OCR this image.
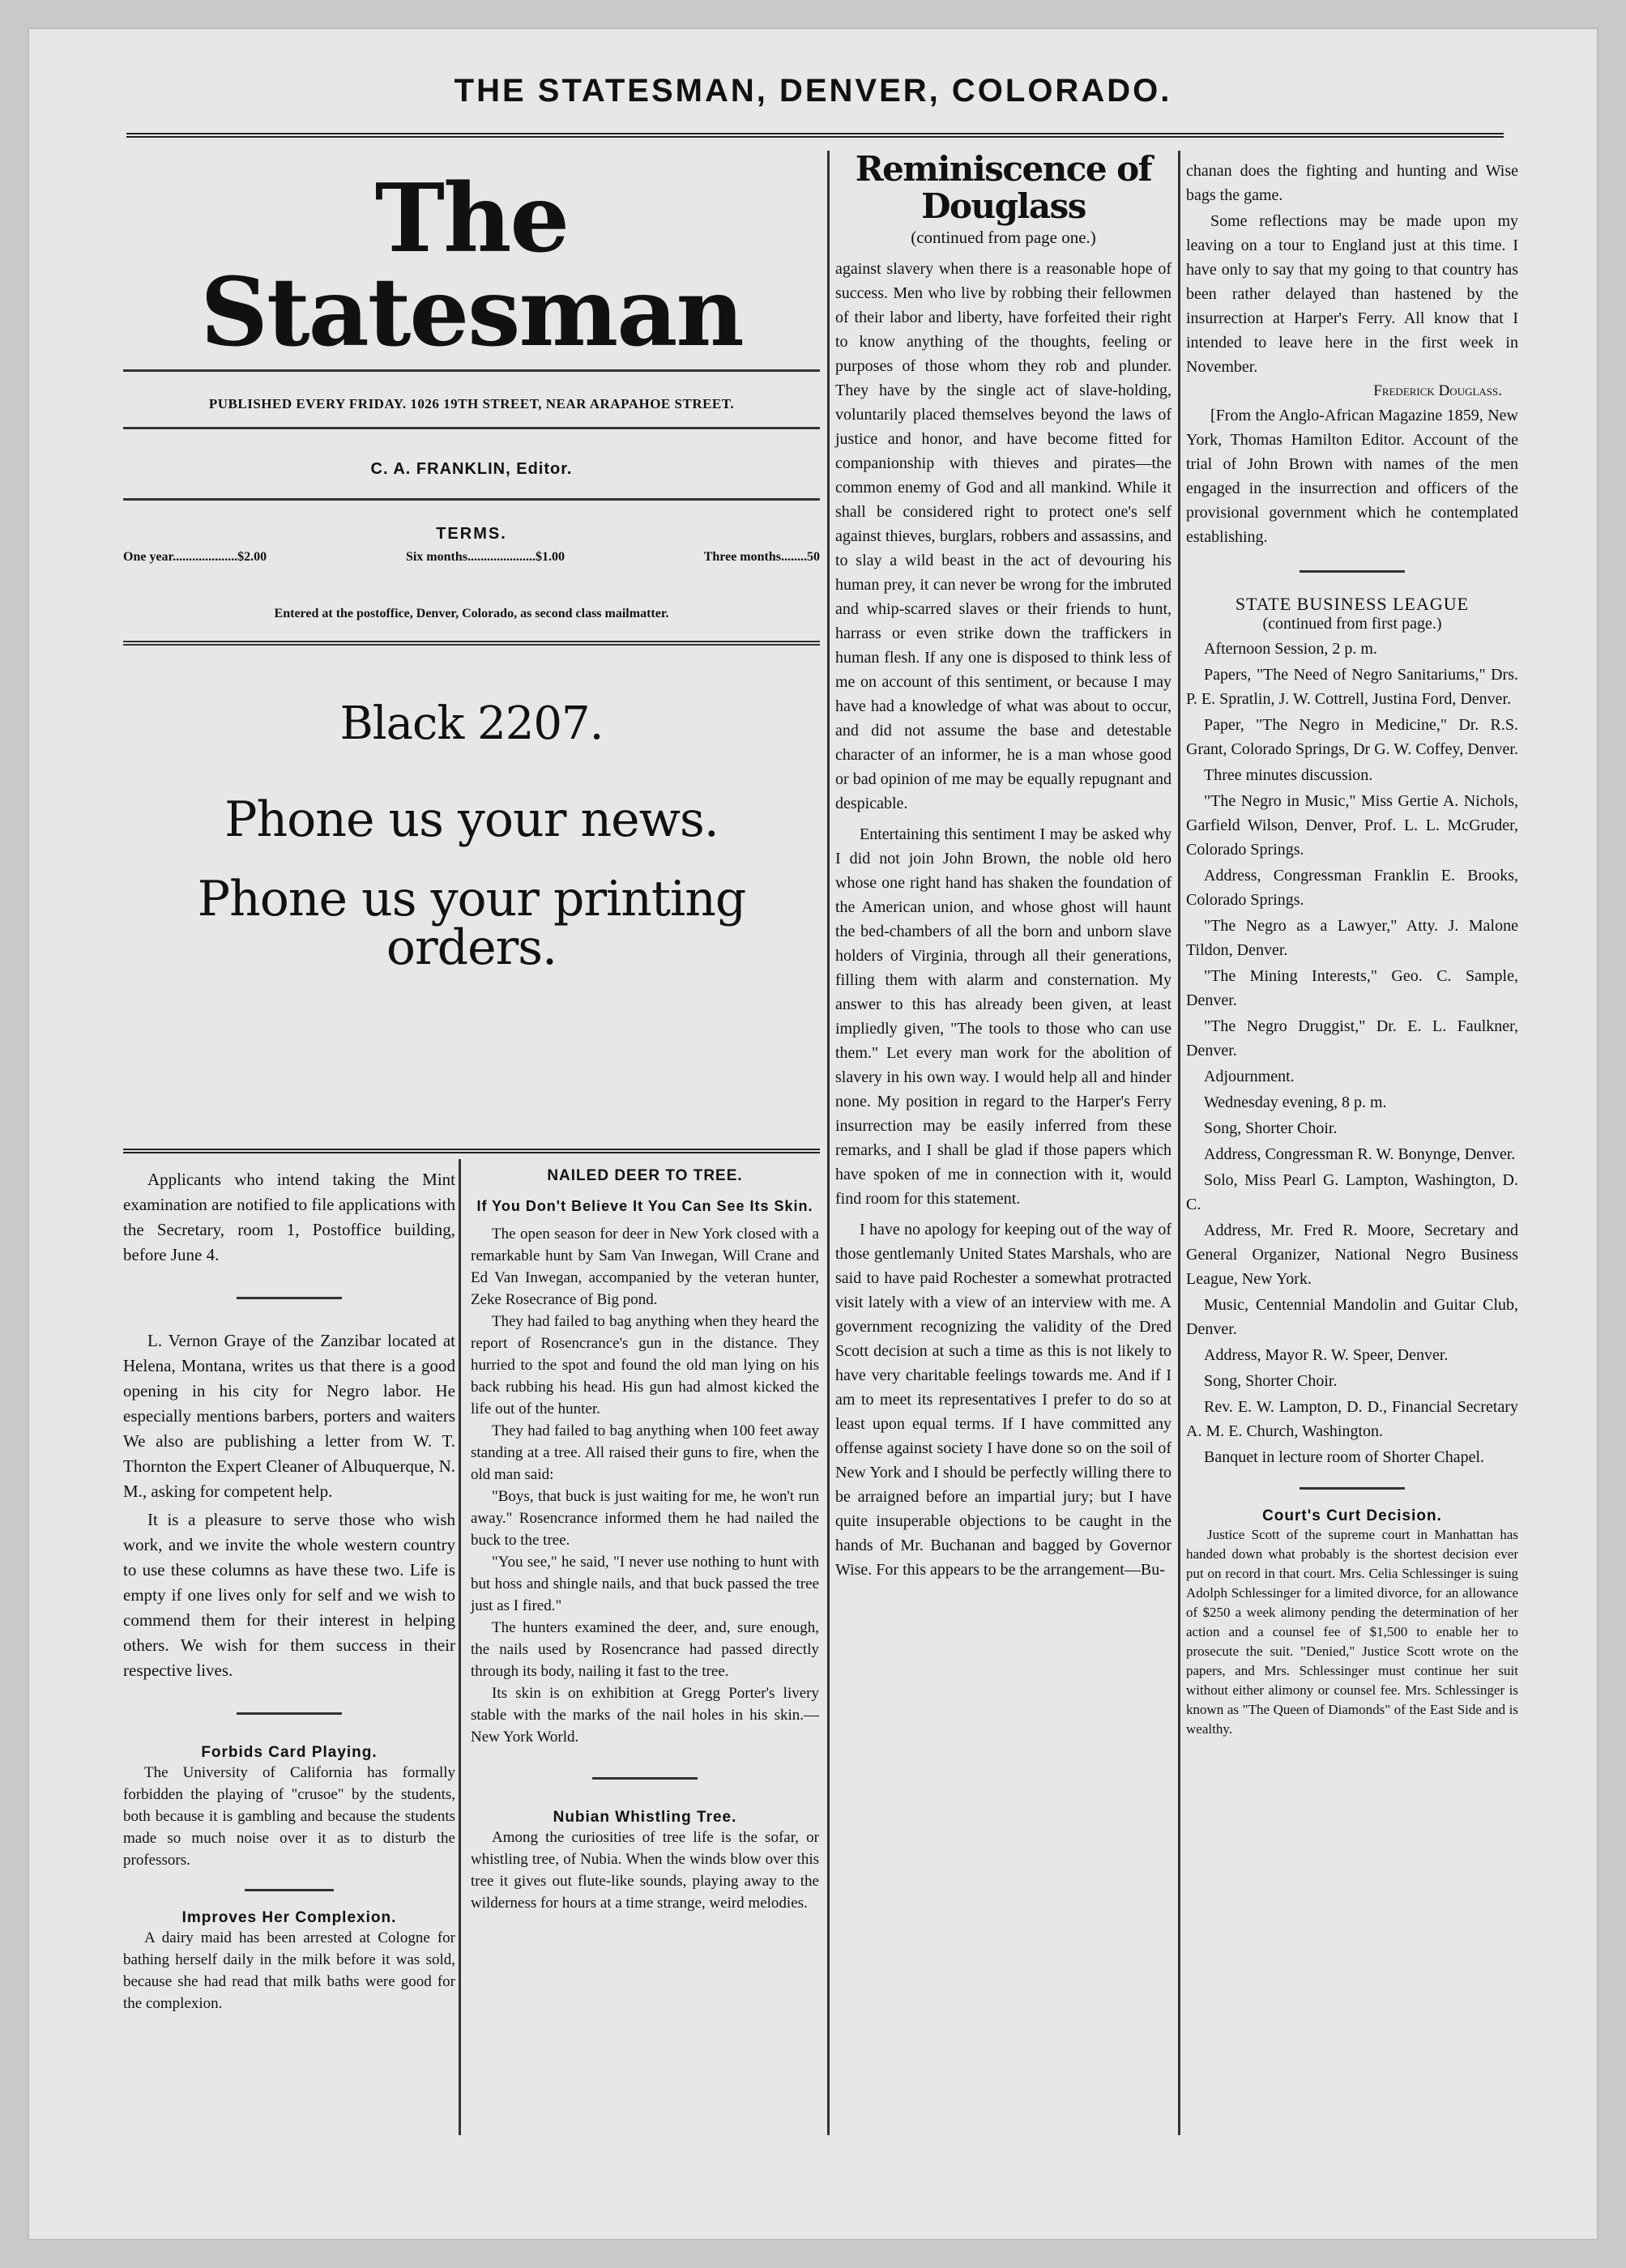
THE STATESMAN, DENVER, COLORADO.
The Statesman
PUBLISHED EVERY FRIDAY. 1026 19TH STREET, NEAR ARAPAHOE STREET.
C. A. FRANKLIN, Editor.
TERMS.
One year....................$2.00	Six months.....................$1.00	Three months........50
Entered at the postoffice, Denver, Colorado, as second class mailmatter.
Black 2207.
Phone us your news.
Phone us your printing orders.

Applicants who intend taking the Mint examination are notified to file applications with the Secretary, room 1, Postoffice building, before June 4.

L. Vernon Graye of the Zanzibar located at Helena, Montana, writes us that there is a good opening in his city for Negro labor. He especially mentions barbers, porters and waiters We also are publishing a letter from W. T. Thornton the Expert Cleaner of Albuquerque, N. M., asking for competent help.

It is a pleasure to serve those who wish work, and we invite the whole western country to use these columns as have these two. Life is empty if one lives only for self and we wish to commend them for their interest in helping others. We wish for them success in their respective lives.

Forbids Card Playing.

The University of California has formally forbidden the playing of "crusoe" by the students, both because it is gambling and because the students made so much noise over it as to disturb the professors.

Improves Her Complexion.

A dairy maid has been arrested at Cologne for bathing herself daily in the milk before it was sold, because she had read that milk baths were good for the complexion.

NAILED DEER TO TREE.
If You Don't Believe It You Can See Its Skin.

The open season for deer in New York closed with a remarkable hunt by Sam Van Inwegan, Will Crane and Ed Van Inwegan, accompanied by the veteran hunter, Zeke Rosecrance of Big pond.

They had failed to bag anything when they heard the report of Rosencrance's gun in the distance. They hurried to the spot and found the old man lying on his back rubbing his head. His gun had almost kicked the life out of the hunter.

They had failed to bag anything when 100 feet away standing at a tree. All raised their guns to fire, when the old man said:

"Boys, that buck is just waiting for me, he won't run away." Rosencrance informed them he had nailed the buck to the tree.

"You see," he said, "I never use nothing to hunt with but hoss and shingle nails, and that buck passed the tree just as I fired."

The hunters examined the deer, and, sure enough, the nails used by Rosencrance had passed directly through its body, nailing it fast to the tree.

Its skin is on exhibition at Gregg Porter's livery stable with the marks of the nail holes in his skin.—New York World.

Nubian Whistling Tree.

Among the curiosities of tree life is the sofar, or whistling tree, of Nubia. When the winds blow over this tree it gives out flute-like sounds, playing away to the wilderness for hours at a time strange, weird melodies.

Reminiscence of Douglass
(continued from page one.)

against slavery when there is a reasonable hope of success. Men who live by robbing their fellowmen of their labor and liberty, have forfeited their right to know anything of the thoughts, feeling or purposes of those whom they rob and plunder. They have by the single act of slave-holding, voluntarily placed themselves beyond the laws of justice and honor, and have become fitted for companionship with thieves and pirates—the common enemy of God and all mankind. While it shall be considered right to protect one's self against thieves, burglars, robbers and assassins, and to slay a wild beast in the act of devouring his human prey, it can never be wrong for the imbruted and whip-scarred slaves or their friends to hunt, harrass or even strike down the traffickers in human flesh. If any one is disposed to think less of me on account of this sentiment, or because I may have had a knowledge of what was about to occur, and did not assume the base and detestable character of an informer, he is a man whose good or bad opinion of me may be equally repugnant and despicable.

Entertaining this sentiment I may be asked why I did not join John Brown, the noble old hero whose one right hand has shaken the foundation of the American union, and whose ghost will haunt the bed-chambers of all the born and unborn slave holders of Virginia, through all their generations, filling them with alarm and consternation. My answer to this has already been given, at least impliedly given, "The tools to those who can use them." Let every man work for the abolition of slavery in his own way. I would help all and hinder none. My position in regard to the Harper's Ferry insurrection may be easily inferred from these remarks, and I shall be glad if those papers which have spoken of me in connection with it, would find room for this statement.

I have no apology for keeping out of the way of those gentlemanly United States Marshals, who are said to have paid Rochester a somewhat protracted visit lately with a view of an interview with me. A government recognizing the validity of the Dred Scott decision at such a time as this is not likely to have very charitable feelings towards me. And if I am to meet its representatives I prefer to do so at least upon equal terms. If I have committed any offense against society I have done so on the soil of New York and I should be perfectly willing there to be arraigned before an impartial jury; but I have quite insuperable objections to be caught in the hands of Mr. Buchanan and bagged by Governor Wise. For this appears to be the arrangement—Bu-

chanan does the fighting and hunting and Wise bags the game.

Some reflections may be made upon my leaving on a tour to England just at this time. I have only to say that my going to that country has been rather delayed than hastened by the insurrection at Harper's Ferry. All know that I intended to leave here in the first week in November.

Frederick Douglass.

[From the Anglo-African Magazine 1859, New York, Thomas Hamilton Editor. Account of the trial of John Brown with names of the men engaged in the insurrection and officers of the provisional government which he contemplated establishing.

STATE BUSINESS LEAGUE
(continued from first page.)

Afternoon Session, 2 p. m.

Papers, "The Need of Negro Sanitariums," Drs. P. E. Spratlin, J. W. Cottrell, Justina Ford, Denver.

Paper, "The Negro in Medicine," Dr. R.S. Grant, Colorado Springs, Dr G. W. Coffey, Denver.

Three minutes discussion.

"The Negro in Music," Miss Gertie A. Nichols, Garfield Wilson, Denver, Prof. L. L. McGruder, Colorado Springs.

Address, Congressman Franklin E. Brooks, Colorado Springs.

"The Negro as a Lawyer," Atty. J. Malone Tildon, Denver.

"The Mining Interests," Geo. C. Sample, Denver.

"The Negro Druggist," Dr. E. L. Faulkner, Denver.

Adjournment.

Wednesday evening, 8 p. m.

Song, Shorter Choir.

Address, Congressman R. W. Bonynge, Denver.

Solo, Miss Pearl G. Lampton, Washington, D. C.

Address, Mr. Fred R. Moore, Secretary and General Organizer, National Negro Business League, New York.

Music, Centennial Mandolin and Guitar Club, Denver.

Address, Mayor R. W. Speer, Denver.

Song, Shorter Choir.

Rev. E. W. Lampton, D. D., Financial Secretary A. M. E. Church, Washington.

Banquet in lecture room of Shorter Chapel.

Court's Curt Decision.

Justice Scott of the supreme court in Manhattan has handed down what probably is the shortest decision ever put on record in that court. Mrs. Celia Schlessinger is suing Adolph Schlessinger for a limited divorce, for an allowance of $250 a week alimony pending the determination of her action and a counsel fee of $1,500 to enable her to prosecute the suit. "Denied," Justice Scott wrote on the papers, and Mrs. Schlessinger must continue her suit without either alimony or counsel fee. Mrs. Schlessinger is known as "The Queen of Diamonds" of the East Side and is wealthy.
